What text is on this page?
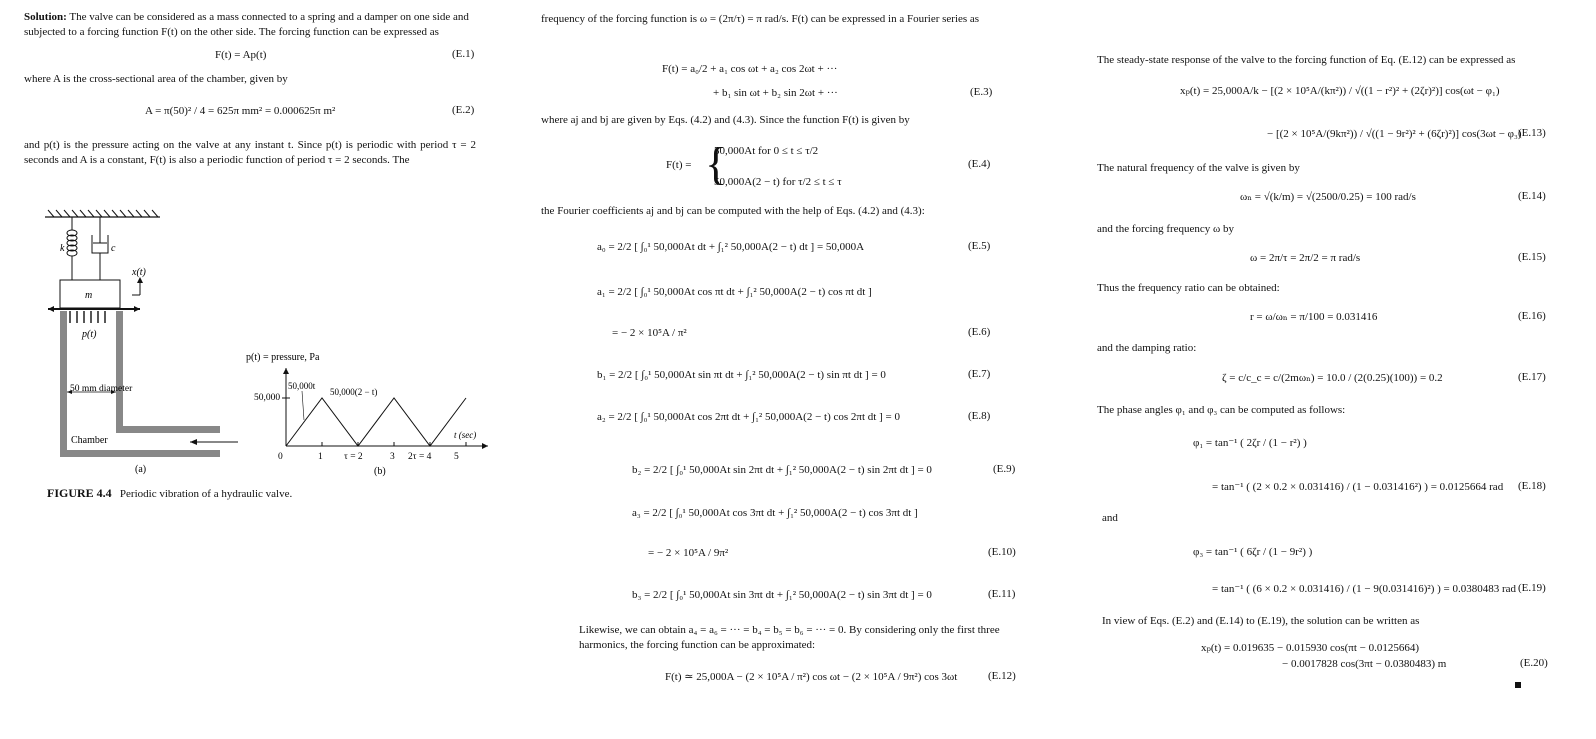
Solution: The valve can be considered as a mass connected to a spring and a damper on one side and subjected to a forcing function F(t) on the other side. The forcing function can be expressed as
F(t) = Ap(t)	(E.1)
where A is the cross-sectional area of the chamber, given by
A = π(50)² / 4 = 625π mm² = 0.000625π m²	(E.2)
and p(t) is the pressure acting on the valve at any instant t. Since p(t) is periodic with period τ = 2 seconds and A is a constant, F(t) is also a periodic function of period τ = 2 seconds. The
k	c
m
x(t)
p(t)
50 mm diameter
Chamber
(a)
p(t) = pressure, Pa
50,000
50,000t
50,000(2 − t)
t (sec)
0	1 τ = 2	3 2τ = 4 5
(b)
FIGURE 4.4 Periodic vibration of a hydraulic valve.
frequency of the forcing function is ω = (2π/τ) = π rad/s. F(t) can be expressed in a Fourier series as
F(t) = a₀/2 + a₁ cos ωt + a₂ cos 2ωt + ···
+ b₁ sin ωt + b₂ sin 2ωt + ···	(E.3)
where aj and bj are given by Eqs. (4.2) and (4.3). Since the function F(t) is given by
F(t) = {
50,000At for 0 ≤ t ≤ τ/2
50,000A(2 − t) for τ/2 ≤ t ≤ τ
(E.4)
the Fourier coefficients aj and bj can be computed with the help of Eqs. (4.2) and (4.3):
a₀ = 2/2 [ ∫₀¹ 50,000At dt + ∫₁² 50,000A(2 − t) dt ] = 50,000A	(E.5)
a₁ = 2/2 [ ∫₀¹ 50,000At cos πt dt + ∫₁² 50,000A(2 − t) cos πt dt ]
= − 2 × 10⁵A / π²	(E.6)
b₁ = 2/2 [ ∫₀¹ 50,000At sin πt dt + ∫₁² 50,000A(2 − t) sin πt dt ] = 0	(E.7)
a₂ = 2/2 [ ∫₀¹ 50,000At cos 2πt dt + ∫₁² 50,000A(2 − t) cos 2πt dt ] = 0	(E.8)
b₂ = 2/2 [ ∫₀¹ 50,000At sin 2πt dt + ∫₁² 50,000A(2 − t) sin 2πt dt ] = 0	(E.9)
a₃ = 2/2 [ ∫₀¹ 50,000At cos 3πt dt + ∫₁² 50,000A(2 − t) cos 3πt dt ]
= − 2 × 10⁵A / 9π²	(E.10)
b₃ = 2/2 [ ∫₀¹ 50,000At sin 3πt dt + ∫₁² 50,000A(2 − t) sin 3πt dt ] = 0	(E.11)
Likewise, we can obtain a₄ = a₆ = ··· = b₄ = b₅ = b₆ = ··· = 0. By considering only the first three harmonics, the forcing function can be approximated:
F(t) ≃ 25,000A − (2 × 10⁵A / π²) cos ωt − (2 × 10⁵A / 9π²) cos 3ωt	(E.12)
The steady-state response of the valve to the forcing function of Eq. (E.12) can be expressed as
xₚ(t) = 25,000A/k − [(2 × 10⁵A/(kπ²)) / √((1 − r²)² + (2ζr)²)] cos(ωt − φ₁)
− [(2 × 10⁵A/(9kπ²)) / √((1 − 9r²)² + (6ζr)²)] cos(3ωt − φ₃)
(E.13)
The natural frequency of the valve is given by
ωₙ = √(k/m) = √(2500/0.25) = 100 rad/s	(E.14)
and the forcing frequency ω by
ω = 2π/τ = 2π/2 = π rad/s	(E.15)
Thus the frequency ratio can be obtained:
r = ω/ωₙ = π/100 = 0.031416	(E.16)
and the damping ratio:
ζ = c/c_c = c/(2mωₙ) = 10.0 / (2(0.25)(100)) = 0.2	(E.17)
The phase angles φ₁ and φ₃ can be computed as follows:
φ₁ = tan⁻¹ ( 2ζr / (1 − r²) )
= tan⁻¹ ( (2 × 0.2 × 0.031416) / (1 − 0.031416²) ) = 0.0125664 rad (E.18)
and
φ₃ = tan⁻¹ ( 6ζr / (1 − 9r²) )
= tan⁻¹ ( (6 × 0.2 × 0.031416) / (1 − 9(0.031416)²) ) = 0.0380483 rad (E.19)
In view of Eqs. (E.2) and (E.14) to (E.19), the solution can be written as
xₚ(t) = 0.019635 − 0.015930 cos(πt − 0.0125664)
− 0.0017828 cos(3πt − 0.0380483) m	(E.20)
